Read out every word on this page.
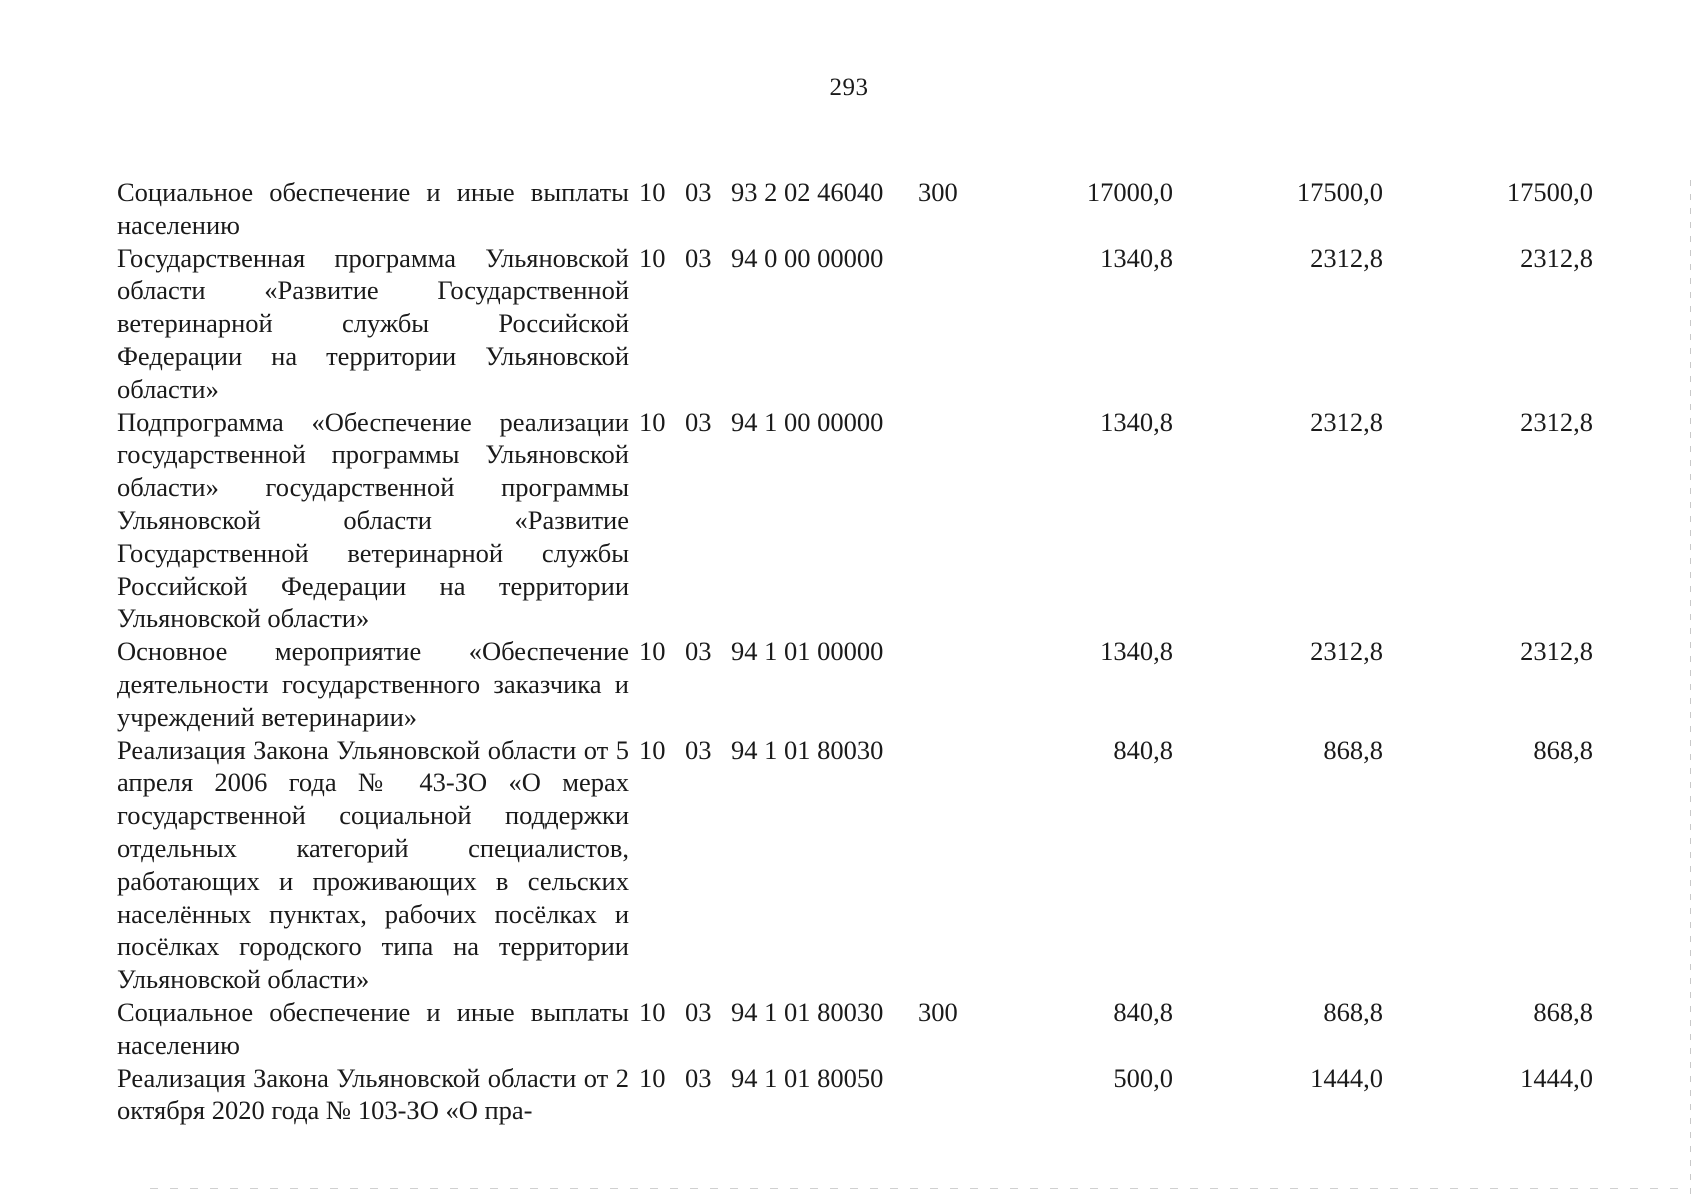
293
Социальное обеспечение и иные выплаты населению	10	03	93 2 02 46040	300	17000,0	17500,0	17500,0
Государственная программа Ульяновской области «Развитие Государственной ветеринарной службы Российской Федерации на территории Ульяновской области»	10	03	94 0 00 00000		1340,8	2312,8	2312,8
Подпрограмма «Обеспечение реализации государственной программы Ульяновской области» государственной программы Ульяновской области «Развитие Государственной ветеринарной службы Российской Федерации на территории Ульяновской области»	10	03	94 1 00 00000		1340,8	2312,8	2312,8
Основное мероприятие «Обеспечение деятельности государственного заказчика и учреждений ветеринарии»	10	03	94 1 01 00000		1340,8	2312,8	2312,8
Реализация Закона Ульяновской области от 5 апреля 2006 года № 43-ЗО «О мерах государственной социальной поддержки отдельных категорий специалистов, работающих и проживающих в сельских населённых пунктах, рабочих посёлках и посёлках городского типа на территории Ульяновской области»	10	03	94 1 01 80030		840,8	868,8	868,8
Социальное обеспечение и иные выплаты населению	10	03	94 1 01 80030	300	840,8	868,8	868,8
Реализация Закона Ульяновской области от 2 октября 2020 года № 103-ЗО «О пра-	10	03	94 1 01 80050		500,0	1444,0	1444,0
